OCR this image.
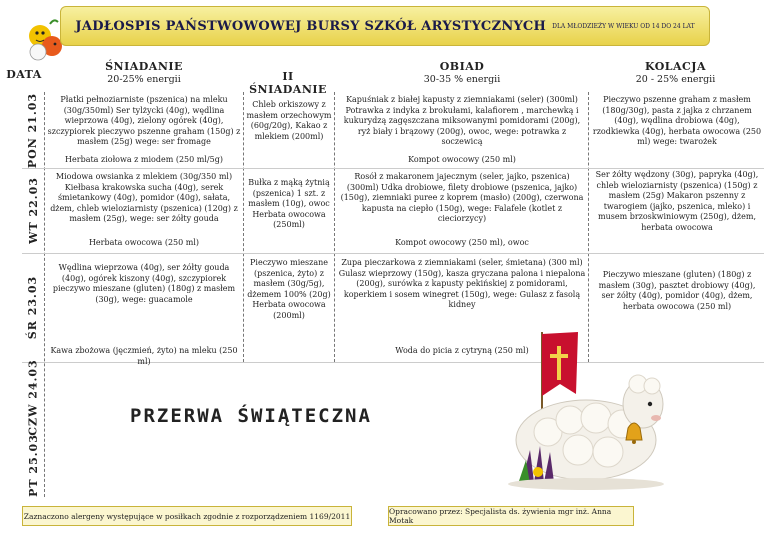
JADŁOSPIS PAŃSTWOWOWEJ BURSY SZKÓŁ ARYSTYCZNYCH DLA MŁODZIEŻY W WIEKU OD 14 DO 24 LAT
DATA
ŚNIADANIE
20-25% energii	II ŚNIADANIE
OBIAD
30-35 % energii
KOLACJA
20 - 25% energii
PON 21.03
WT 22.03
ŚR 23.03
CZW 24.03
PT 25.03
Płatki pełnoziarniste (pszenica) na mleku (30g/350ml) Ser tylżycki (40g), wędlina wieprzowa (40g), zielony ogórek (40g), szczypiorek pieczywo pszenne graham (150g) z masłem (25g) wege: ser fromage
Herbata ziołowa z miodem (250 ml/5g)
Chleb orkiszowy z masłem orzechowym (60g/20g), Kakao z mlekiem (200ml)
Kapuśniak z białej kapusty z ziemniakami (seler) (300ml) Potrawka z indyka z brokułami, kalafiorem , marchewką i kukurydzą zagęszczana miksowanymi pomidorami (200g), ryż biały i brązowy (200g), owoc, wege: potrawka z soczewicą
Kompot owocowy (250 ml)
Pieczywo pszenne graham z masłem (180g/30g), pasta z jajka z chrzanem (40g), wędlina drobiowa (40g), rzodkiewka (40g), herbata owocowa (250 ml) wege: twarożek
Miodowa owsianka z mlekiem (30g/350 ml) Kiełbasa krakowska sucha (40g), serek śmietankowy (40g), pomidor (40g), sałata, dżem, chleb wieloziarnisty (pszenica) (120g) z masłem (25g), wege: ser żółty gouda
Herbata owocowa (250 ml)
Bułka z mąką żytnią (pszenica) 1 szt. z masłem (10g), owoc Herbata owocowa (250ml)
Rosół z makaronem jajecznym (seler, jajko, pszenica) (300ml) Udka drobiowe, filety drobiowe (pszenica, jajko) (150g), ziemniaki puree z koprem (masło) (200g), czerwona kapusta na ciepło (150g), wege: Falafele (kotlet z cieciorzycy)
Kompot owocowy (250 ml), owoc
Ser żółty wędzony (30g), papryka (40g), chleb wieloziarnisty (pszenica) (150g) z masłem (25g) Makaron pszenny z twarogiem (jajko, pszenica, mleko) i musem brzoskwiniowym (250g), dżem, herbata owocowa
Wędlina wieprzowa (40g), ser żółty gouda (40g), ogórek kiszony (40g), szczypiorek pieczywo mieszane (gluten) (180g) z masłem (30g), wege: guacamole
Kawa zbożowa (jęczmień, żyto) na mleku (250 ml)
Pieczywo mieszane (pszenica, żyto) z masłem (30g/5g), dżemem 100% (20g) Herbata owocowa (200ml)
Zupa pieczarkowa z ziemniakami (seler, śmietana) (300 ml) Gulasz wieprzowy (150g), kasza gryczana palona i niepalona (200g), surówka z kapusty pekińskiej z pomidorami, koperkiem i sosem winegret (150g), wege: Gulasz z fasolą kidney
Woda do picia z cytryną (250 ml)
Pieczywo mieszane (gluten) (180g) z masłem (30g), pasztet drobiowy (40g), ser żółty (40g), pomidor (40g), dżem, herbata owocowa (250 ml)
PRZERWA ŚWIĄTECZNA
Zaznaczono alergeny występujące w posiłkach zgodnie z rozporządzeniem 1169/2011	Opracowano przez: Specjalista ds. żywienia mgr inż. Anna Motak
